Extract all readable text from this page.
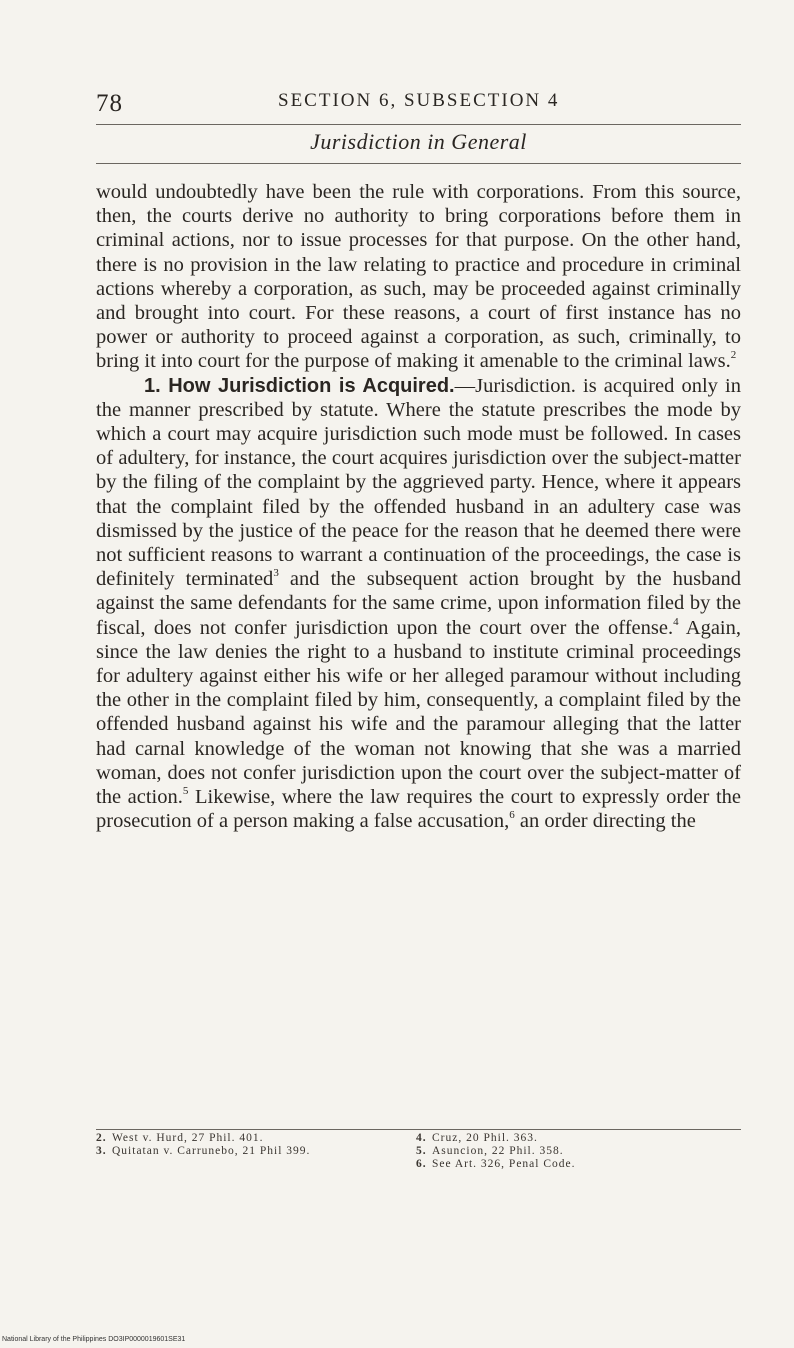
78	SECTION 6, SUBSECTION 4
Jurisdiction in General

would undoubtedly have been the rule with corporations. From this source, then, the courts derive no authority to bring corporations before them in criminal actions, nor to issue processes for that purpose. On the other hand, there is no provision in the law relating to practice and procedure in criminal actions whereby a corporation, as such, may be proceeded against criminally and brought into court. For these reasons, a court of first instance has no power or authority to proceed against a corporation, as such, criminally, to bring it into court for the purpose of making it amenable to the criminal laws.$^2$

1. How Jurisdiction is Acquired.—Jurisdiction. is acquired only in the manner prescribed by statute. Where the statute prescribes the mode by which a court may acquire jurisdiction such mode must be followed. In cases of adultery, for instance, the court acquires jurisdiction over the subject-matter by the filing of the complaint by the aggrieved party. Hence, where it appears that the complaint filed by the offended husband in an adultery case was dismissed by the justice of the peace for the reason that he deemed there were not sufficient reasons to warrant a continuation of the proceedings, the case is definitely terminated$^3$ and the subsequent action brought by the husband against the same defendants for the same crime, upon information filed by the fiscal, does not confer jurisdiction upon the court over the offense.$^4$ Again, since the law denies the right to a husband to institute criminal proceedings for adultery against either his wife or her alleged paramour without including the other in the complaint filed by him, consequently, a complaint filed by the offended husband against his wife and the paramour alleging that the latter had carnal knowledge of the woman not knowing that she was a married woman, does not confer jurisdiction upon the court over the subject-matter of the action.$^5$ Likewise, where the law requires the court to expressly order the prosecution of a person making a false accusation,$^6$ an order directing the

2. West v. Hurd, 27 Phil. 401.
3. Quitatan v. Carrunebo, 21 Phil 399.
4. Cruz, 20 Phil. 363.
5. Asuncion, 22 Phil. 358.
6. See Art. 326, Penal Code.
National Library of the Philippines DO3IP0000019601SE31
